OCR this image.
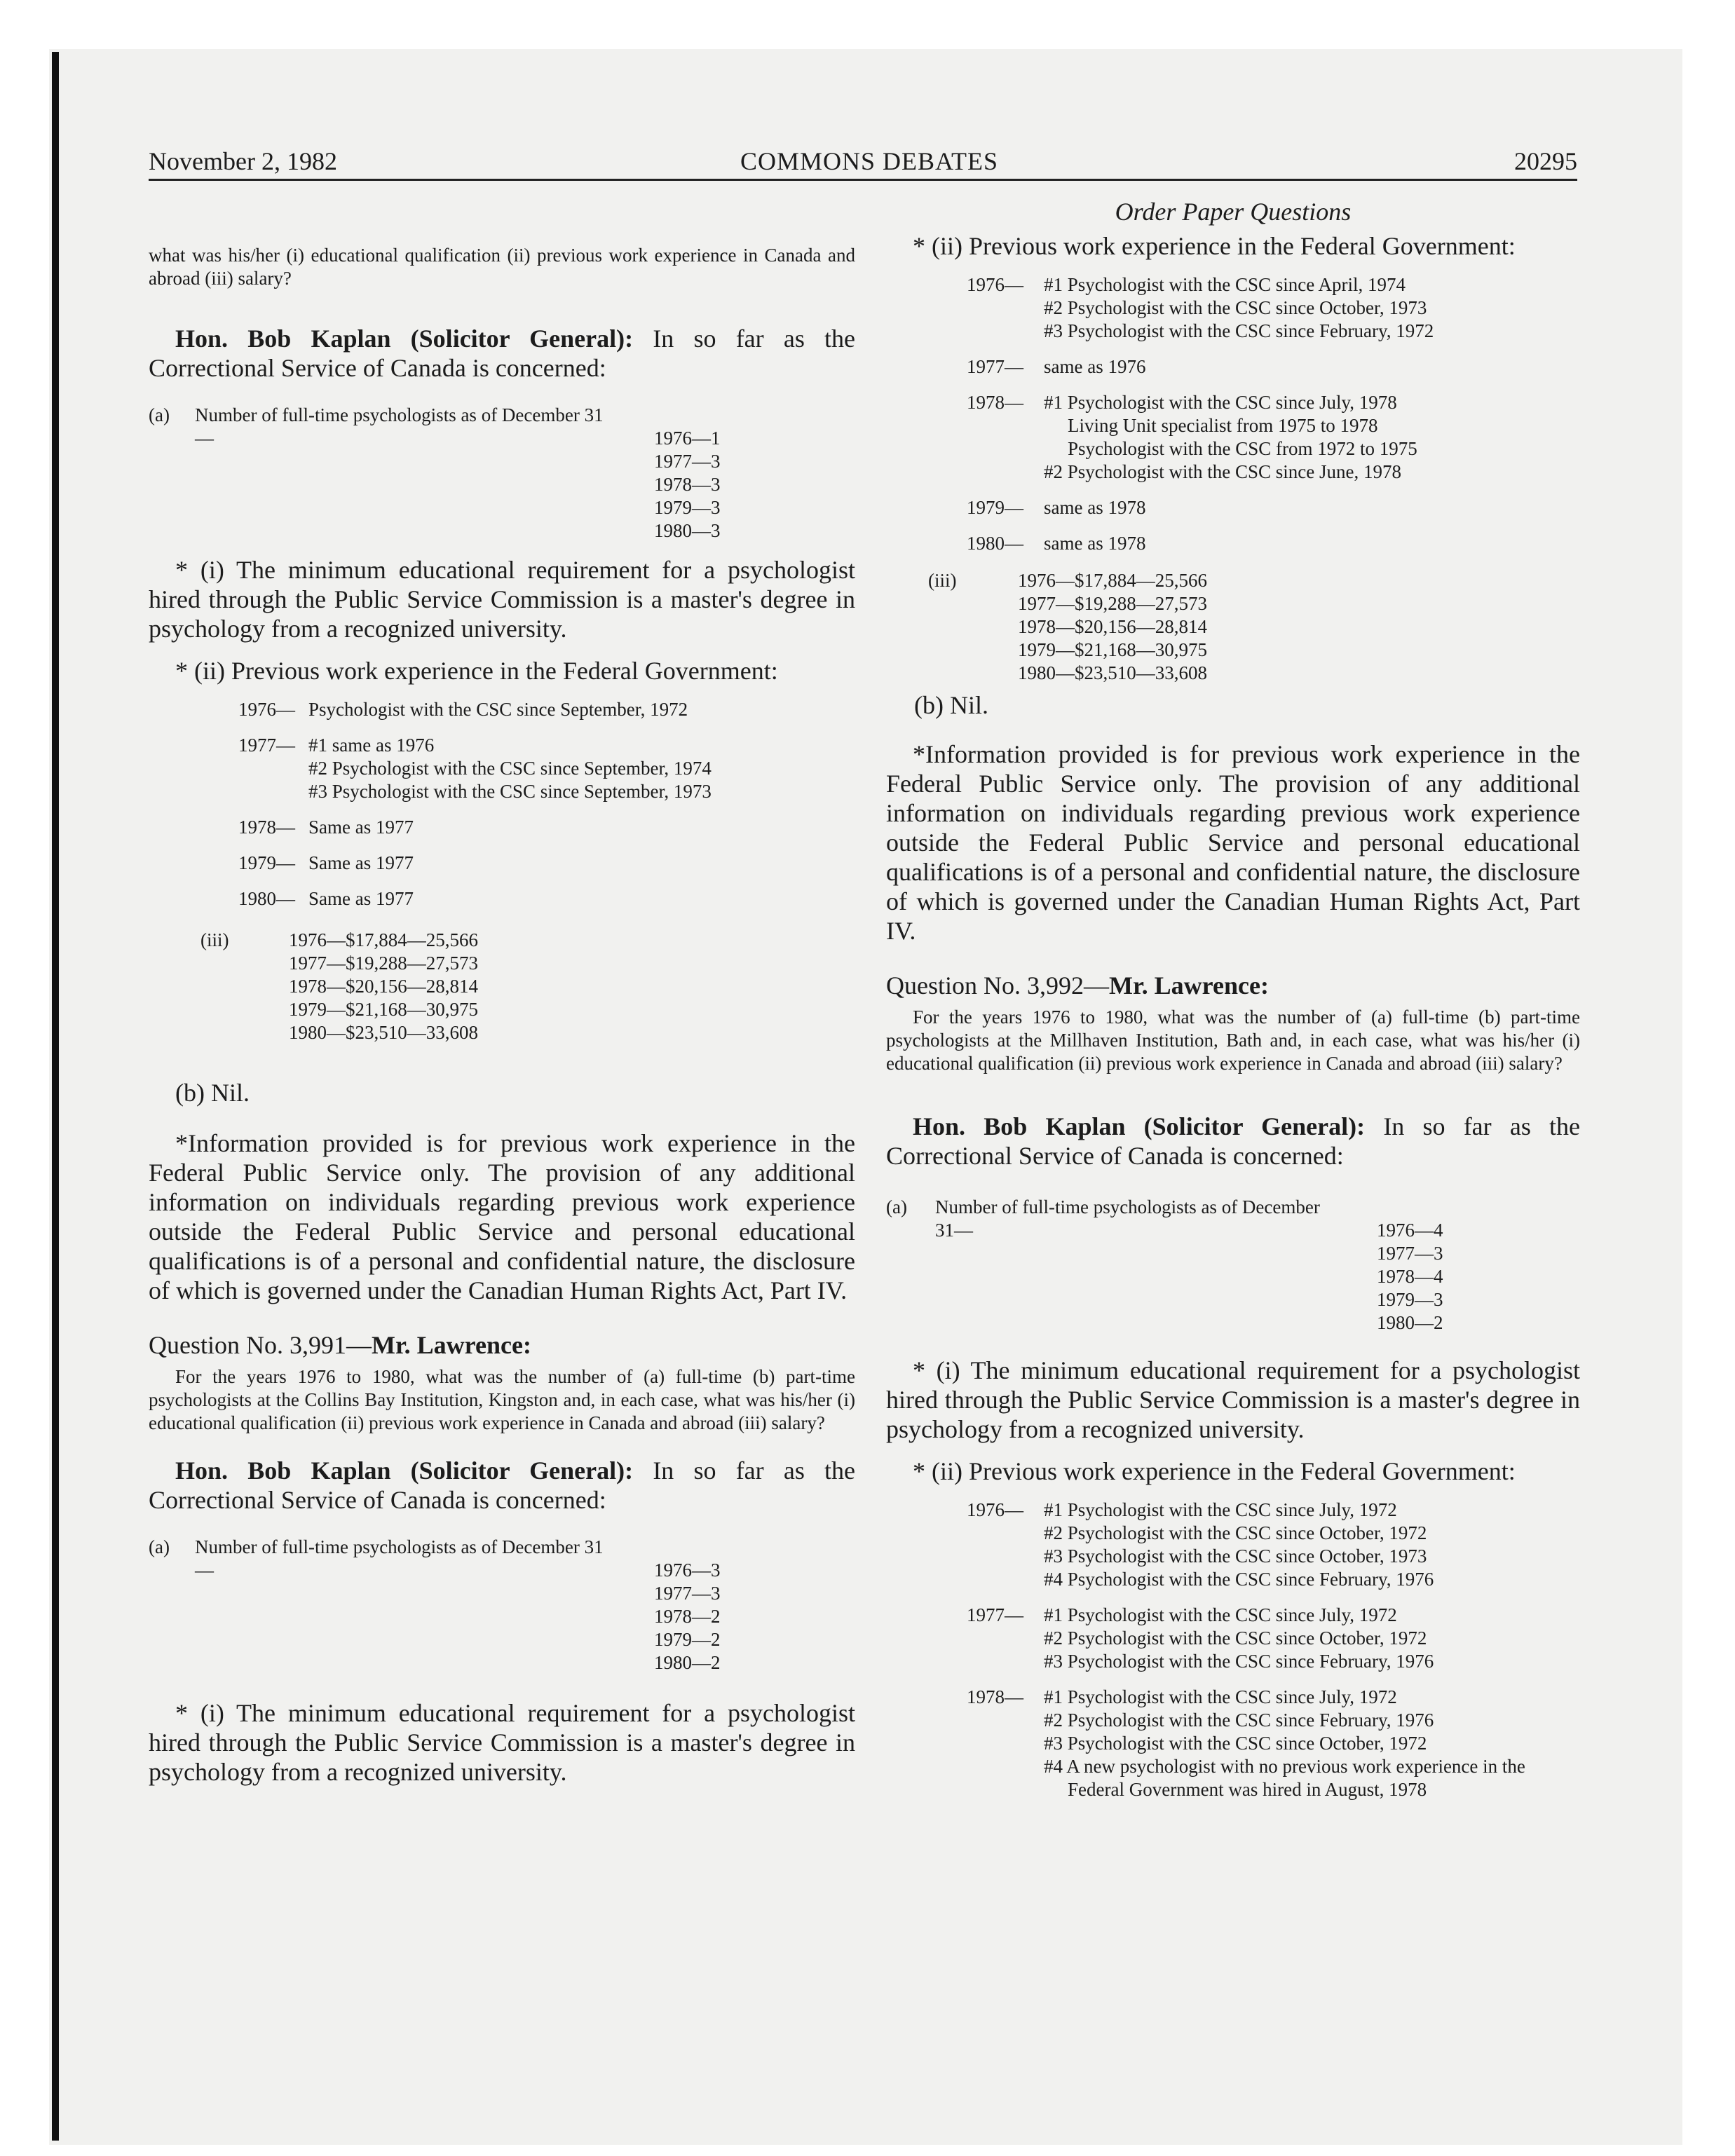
November 2, 1982	COMMONS DEBATES	20295

what was his/her (i) educational qualification (ii) previous work experience in Canada and abroad (iii) salary?

Hon. Bob Kaplan (Solicitor General): In so far as the Correctional Service of Canada is concerned:

(a)	Number of full-time psychologists as of December 31—	1976—1
1977—3
1978—3
1979—3
1980—3

* (i) The minimum educational requirement for a psychologist hired through the Public Service Commission is a master's degree in psychology from a recognized university.

* (ii) Previous work experience in the Federal Government:

1976— Psychologist with the CSC since September, 1972
1977— #1 same as 1976
#2 Psychologist with the CSC since September, 1974
#3 Psychologist with the CSC since September, 1973
1978— Same as 1977
1979— Same as 1977
1980— Same as 1977
(iii)	1976—$17,884—25,566
1977—$19,288—27,573
1978—$20,156—28,814
1979—$21,168—30,975
1980—$23,510—33,608

(b) Nil.

*Information provided is for previous work experience in the Federal Public Service only. The provision of any additional information on individuals regarding previous work experience outside the Federal Public Service and personal educational qualifications is of a personal and confidential nature, the disclosure of which is governed under the Canadian Human Rights Act, Part IV.

Question No. 3,991—Mr. Lawrence:

For the years 1976 to 1980, what was the number of (a) full-time (b) part-time psychologists at the Collins Bay Institution, Kingston and, in each case, what was his/her (i) educational qualification (ii) previous work experience in Canada and abroad (iii) salary?

Hon. Bob Kaplan (Solicitor General): In so far as the Correctional Service of Canada is concerned:

(a)	Number of full-time psychologists as of December 31—	1976—3
1977—3
1978—2
1979—2
1980—2

* (i) The minimum educational requirement for a psychologist hired through the Public Service Commission is a master's degree in psychology from a recognized university.

Order Paper Questions

* (ii) Previous work experience in the Federal Government:

1976—	#1 Psychologist with the CSC since April, 1974
#2 Psychologist with the CSC since October, 1973
#3 Psychologist with the CSC since February, 1972
1977—	same as 1976
1978—	#1 Psychologist with the CSC since July, 1978
Living Unit specialist from 1975 to 1978
Psychologist with the CSC from 1972 to 1975
#2 Psychologist with the CSC since June, 1978
1979—	same as 1978
1980—	same as 1978
(iii)	1976—$17,884—25,566
1977—$19,288—27,573
1978—$20,156—28,814
1979—$21,168—30,975
1980—$23,510—33,608

(b) Nil.

*Information provided is for previous work experience in the Federal Public Service only. The provision of any additional information on individuals regarding previous work experience outside the Federal Public Service and personal educational qualifications is of a personal and confidential nature, the disclosure of which is governed under the Canadian Human Rights Act, Part IV.

Question No. 3,992—Mr. Lawrence:

For the years 1976 to 1980, what was the number of (a) full-time (b) part-time psychologists at the Millhaven Institution, Bath and, in each case, what was his/her (i) educational qualification (ii) previous work experience in Canada and abroad (iii) salary?

Hon. Bob Kaplan (Solicitor General): In so far as the Correctional Service of Canada is concerned:

(a)	Number of full-time psychologists as of December 31—	1976—4
1977—3
1978—4
1979—3
1980—2

* (i) The minimum educational requirement for a psychologist hired through the Public Service Commission is a master's degree in psychology from a recognized university.

* (ii) Previous work experience in the Federal Government:

1976—	#1 Psychologist with the CSC since July, 1972
#2 Psychologist with the CSC since October, 1972
#3 Psychologist with the CSC since October, 1973
#4 Psychologist with the CSC since February, 1976
1977—	#1 Psychologist with the CSC since July, 1972
#2 Psychologist with the CSC since October, 1972
#3 Psychologist with the CSC since February, 1976
1978—	#1 Psychologist with the CSC since July, 1972
#2 Psychologist with the CSC since February, 1976
#3 Psychologist with the CSC since October, 1972
#4 A new psychologist with no previous work experience in the Federal Government was hired in August, 1978
